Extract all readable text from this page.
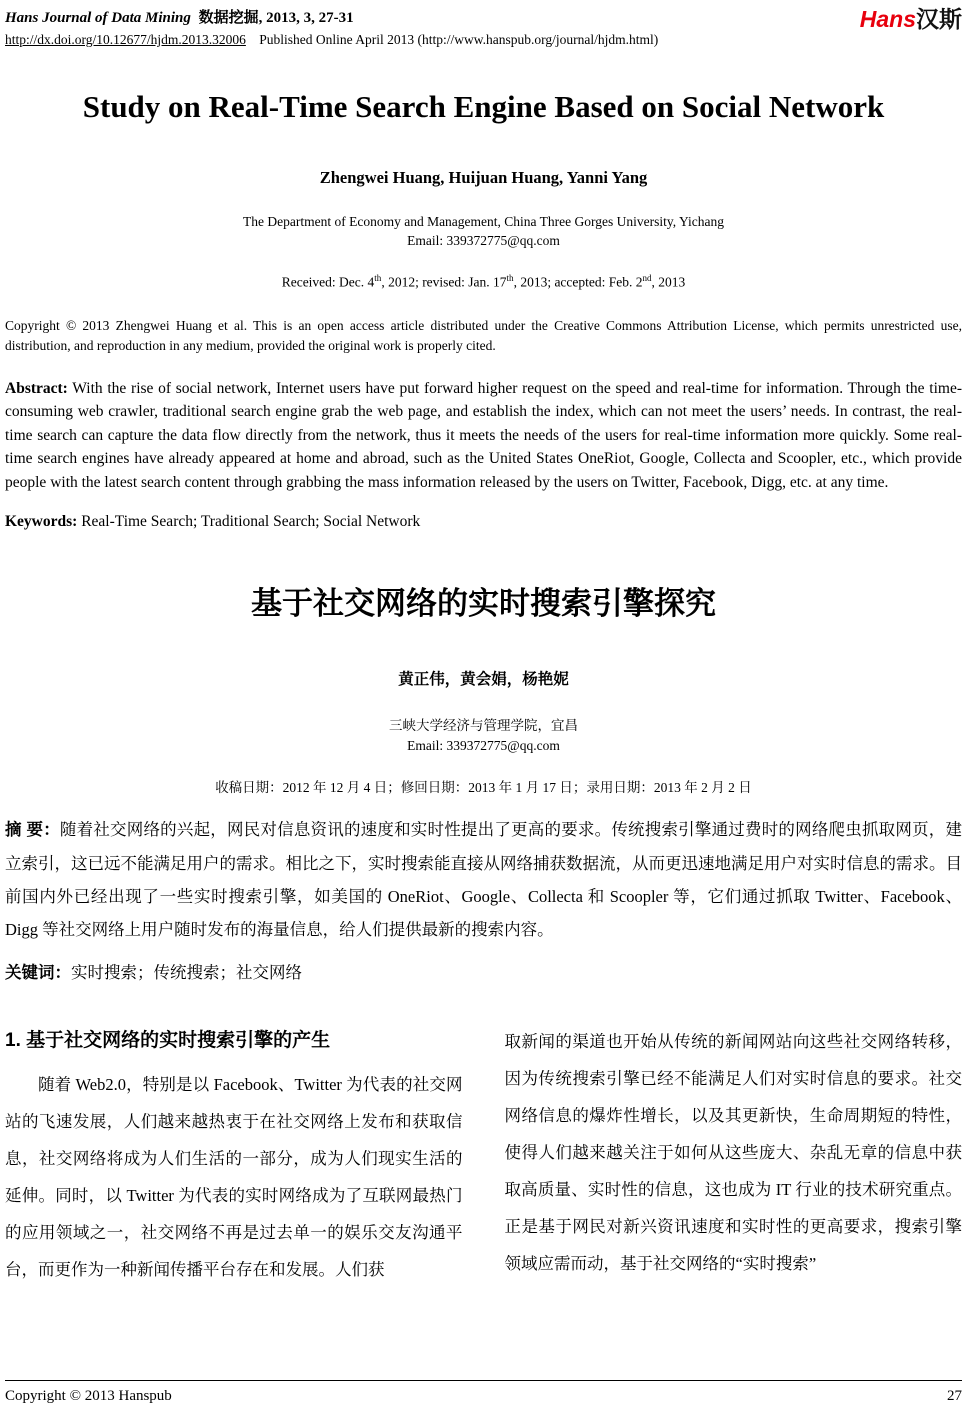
Hans Journal of Data Mining 数据挖掘, 2013, 3, 27-31
http://dx.doi.org/10.12677/hjdm.2013.32006 Published Online April 2013 (http://www.hanspub.org/journal/hjdm.html)
Hans汉斯
Study on Real-Time Search Engine Based on Social Network
Zhengwei Huang, Huijuan Huang, Yanni Yang
The Department of Economy and Management, China Three Gorges University, Yichang
Email: 339372775@qq.com
Received: Dec. 4th, 2012; revised: Jan. 17th, 2013; accepted: Feb. 2nd, 2013
Copyright © 2013 Zhengwei Huang et al. This is an open access article distributed under the Creative Commons Attribution License, which permits unrestricted use, distribution, and reproduction in any medium, provided the original work is properly cited.
Abstract: With the rise of social network, Internet users have put forward higher request on the speed and real-time for information. Through the time-consuming web crawler, traditional search engine grab the web page, and establish the index, which can not meet the users’ needs. In contrast, the real-time search can capture the data flow directly from the network, thus it meets the needs of the users for real-time information more quickly. Some real-time search engines have already appeared at home and abroad, such as the United States OneRiot, Google, Collecta and Scoopler, etc., which provide people with the latest search content through grabbing the mass information released by the users on Twitter, Facebook, Digg, etc. at any time.
Keywords: Real-Time Search; Traditional Search; Social Network
基于社交网络的实时搜索引擎探究
黄正伟，黄会娟，杨艳妮
三峡大学经济与管理学院，宜昌
Email: 339372775@qq.com
收稿日期：2012 年 12 月 4 日；修回日期：2013 年 1 月 17 日；录用日期：2013 年 2 月 2 日
摘 要：随着社交网络的兴起，网民对信息资讯的速度和实时性提出了更高的要求。传统搜索引擎通过费时的网络爬虫抓取网页，建立索引，这已远不能满足用户的需求。相比之下，实时搜索能直接从网络捕获数据流，从而更迅速地满足用户对实时信息的需求。目前国内外已经出现了一些实时搜索引擎，如美国的 OneRiot、Google、Collecta 和 Scoopler 等，它们通过抓取 Twitter、Facebook、Digg 等社交网络上用户随时发布的海量信息，给人们提供最新的搜索内容。
关键词：实时搜索；传统搜索；社交网络
1. 基于社交网络的实时搜索引擎的产生

随着 Web2.0，特别是以 Facebook、Twitter 为代表的社交网站的飞速发展，人们越来越热衷于在社交网络上发布和获取信息，社交网络将成为人们生活的一部分，成为人们现实生活的延伸。同时，以 Twitter 为代表的实时网络成为了互联网最热门的应用领域之一，社交网络不再是过去单一的娱乐交友沟通平台，而更作为一种新闻传播平台存在和发展。人们获

取新闻的渠道也开始从传统的新闻网站向这些社交网络转移，因为传统搜索引擎已经不能满足人们对实时信息的要求。社交网络信息的爆炸性增长，以及其更新快，生命周期短的特性，使得人们越来越关注于如何从这些庞大、杂乱无章的信息中获取高质量、实时性的信息，这也成为 IT 行业的技术研究重点。正是基于网民对新兴资讯速度和实时性的更高要求，搜索引擎领域应需而动，基于社交网络的“实时搜索”

Copyright © 2013 Hanspub	27
